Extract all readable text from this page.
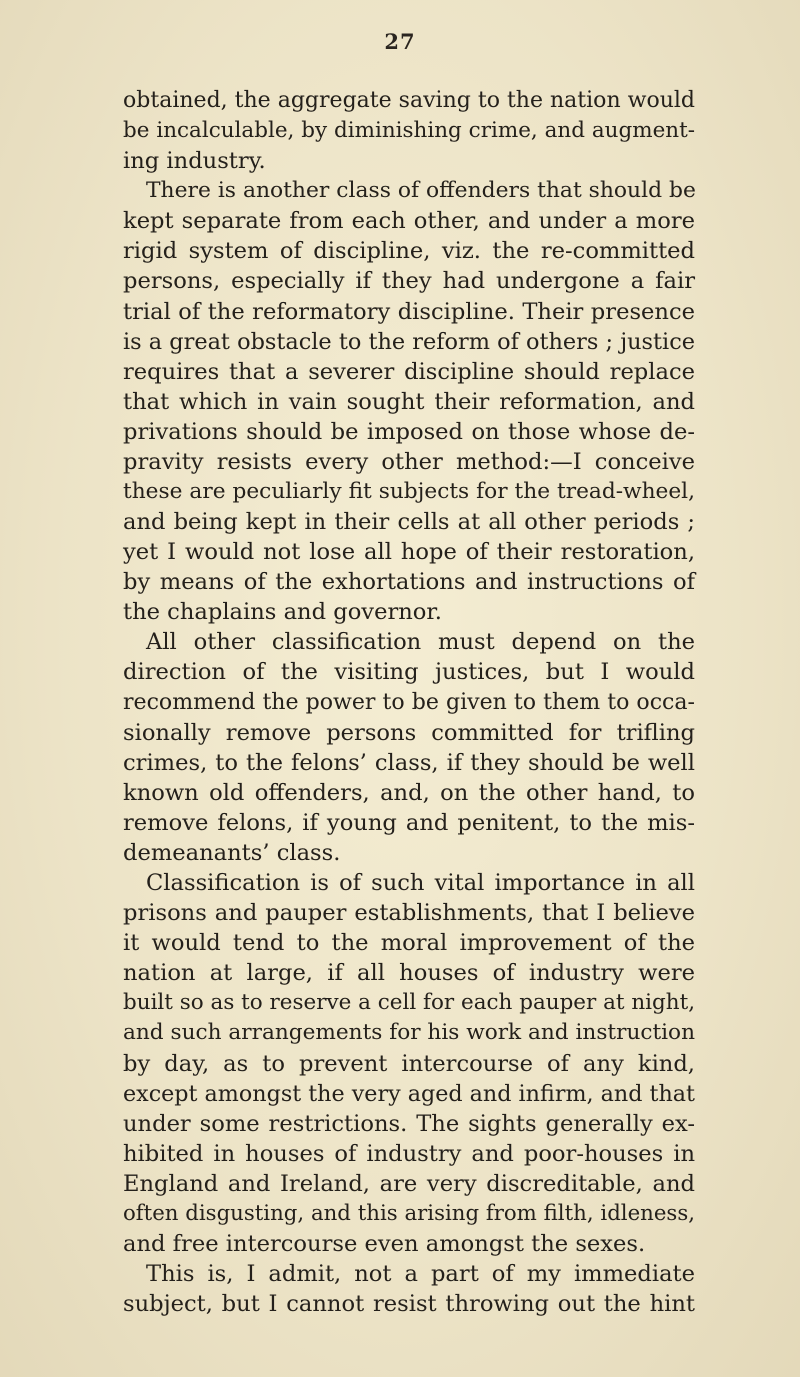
27
obtained, the aggregate saving to the nation would
be incalculable, by diminishing crime, and augment-
ing industry.
There is another class of offenders that should be
kept separate from each other, and under a more
rigid system of discipline, viz. the re-committed
persons, especially if they had undergone a fair
trial of the reformatory discipline. Their presence
is a great obstacle to the reform of others ; justice
requires that a severer discipline should replace
that which in vain sought their reformation, and
privations should be imposed on those whose de-
pravity resists every other method:—I conceive
these are peculiarly fit subjects for the tread-wheel,
and being kept in their cells at all other periods ;
yet I would not lose all hope of their restoration,
by means of the exhortations and instructions of
the chaplains and governor.
All other classification must depend on the
direction of the visiting justices, but I would
recommend the power to be given to them to occa-
sionally remove persons committed for trifling
crimes, to the felons’ class, if they should be well
known old offenders, and, on the other hand, to
remove felons, if young and penitent, to the mis-
demeanants’ class.
Classification is of such vital importance in all
prisons and pauper establishments, that I believe
it would tend to the moral improvement of the
nation at large, if all houses of industry were
built so as to reserve a cell for each pauper at night,
and such arrangements for his work and instruction
by day, as to prevent intercourse of any kind,
except amongst the very aged and infirm, and that
under some restrictions. The sights generally ex-
hibited in houses of industry and poor-houses in
England and Ireland, are very discreditable, and
often disgusting, and this arising from filth, idleness,
and free intercourse even amongst the sexes.
This is, I admit, not a part of my immediate
subject, but I cannot resist throwing out the hint
